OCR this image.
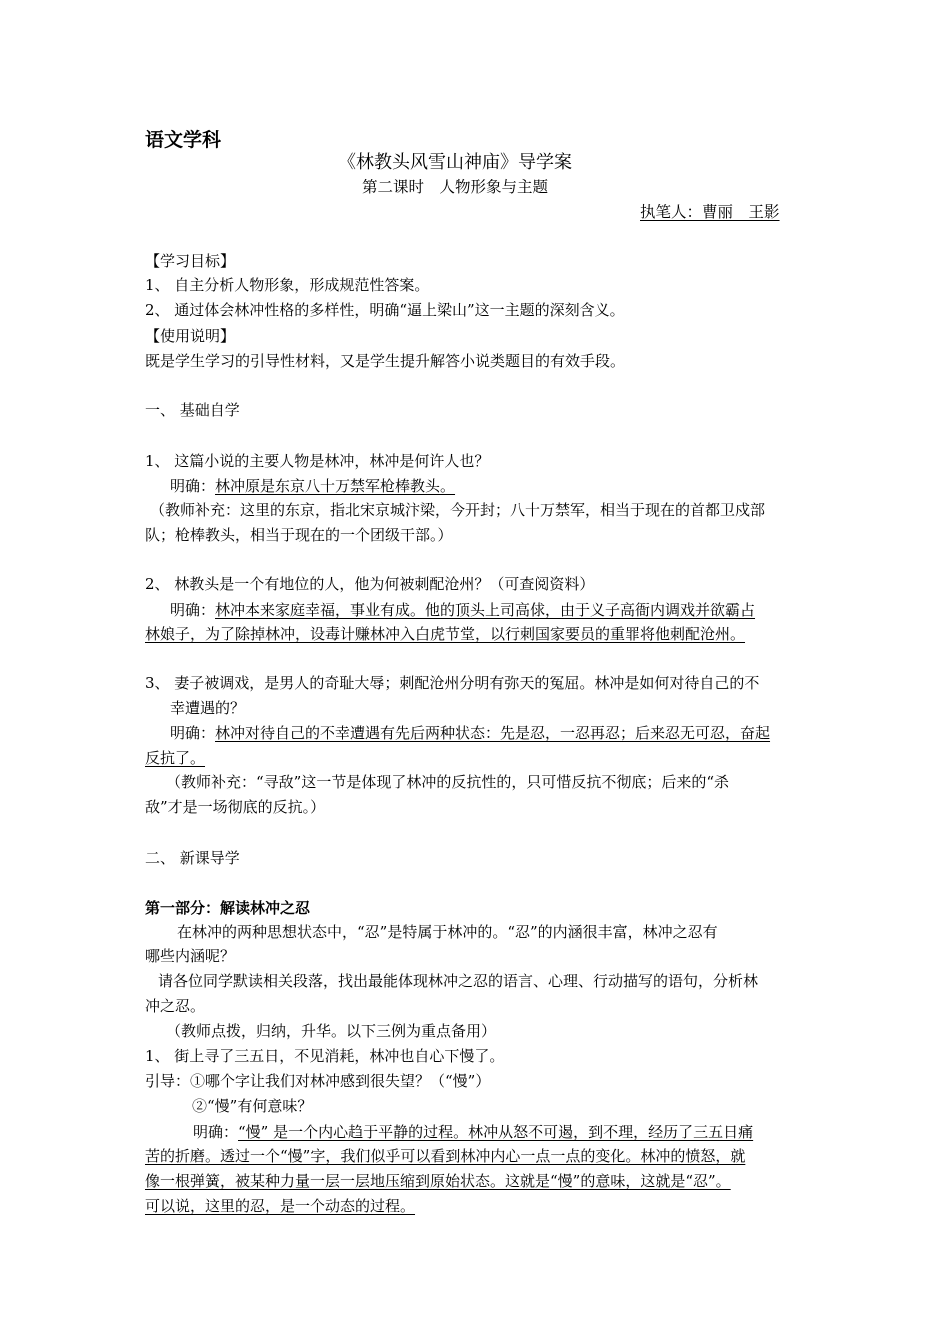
语文学科
《林教头风雪山神庙》导学案
第二课时　人物形象与主题
执笔人：曹丽　王影
【学习目标】
1、 自主分析人物形象，形成规范性答案。
2、 通过体会林冲性格的多样性，明确“逼上梁山”这一主题的深刻含义。
【使用说明】
既是学生学习的引导性材料，又是学生提升解答小说类题目的有效手段。
一、 基础自学
1、 这篇小说的主要人物是林冲，林冲是何许人也？
明确：林冲原是东京八十万禁军枪棒教头。
（教师补充：这里的东京，指北宋京城汴梁，今开封；八十万禁军，相当于现在的首都卫戍部
队；枪棒教头，相当于现在的一个团级干部。）
2、 林教头是一个有地位的人，他为何被刺配沧州？（可查阅资料）
明确：林冲本来家庭幸福，事业有成。他的顶头上司高俅，由于义子高衙内调戏并欲霸占
林娘子，为了除掉林冲，设毒计赚林冲入白虎节堂，以行刺国家要员的重罪将他刺配沧州。
3、 妻子被调戏，是男人的奇耻大辱；刺配沧州分明有弥天的冤屈。林冲是如何对待自己的不
幸遭遇的？
明确：林冲对待自己的不幸遭遇有先后两种状态：先是忍，一忍再忍；后来忍无可忍，奋起
反抗了。
（教师补充：“寻敌”这一节是体现了林冲的反抗性的，只可惜反抗不彻底；后来的“杀
敌”才是一场彻底的反抗。）
二、 新课导学
第一部分：解读林冲之忍
在林冲的两种思想状态中，“忍”是特属于林冲的。“忍”的内涵很丰富，林冲之忍有
哪些内涵呢？
请各位同学默读相关段落，找出最能体现林冲之忍的语言、心理、行动描写的语句，分析林
冲之忍。
（教师点拨，归纳，升华。以下三例为重点备用）
1、 街上寻了三五日，不见消耗，林冲也自心下慢了。
引导：①哪个字让我们对林冲感到很失望？（“慢”）
②“慢”有何意味？
明确：“慢” 是一个内心趋于平静的过程。林冲从怒不可遏，到不理，经历了三五日痛
苦的折磨。透过一个“慢”字，我们似乎可以看到林冲内心一点一点的变化。林冲的愤怒，就
像一根弹簧，被某种力量一层一层地压缩到原始状态。这就是“慢”的意味，这就是“忍”。
可以说，这里的忍，是一个动态的过程。
